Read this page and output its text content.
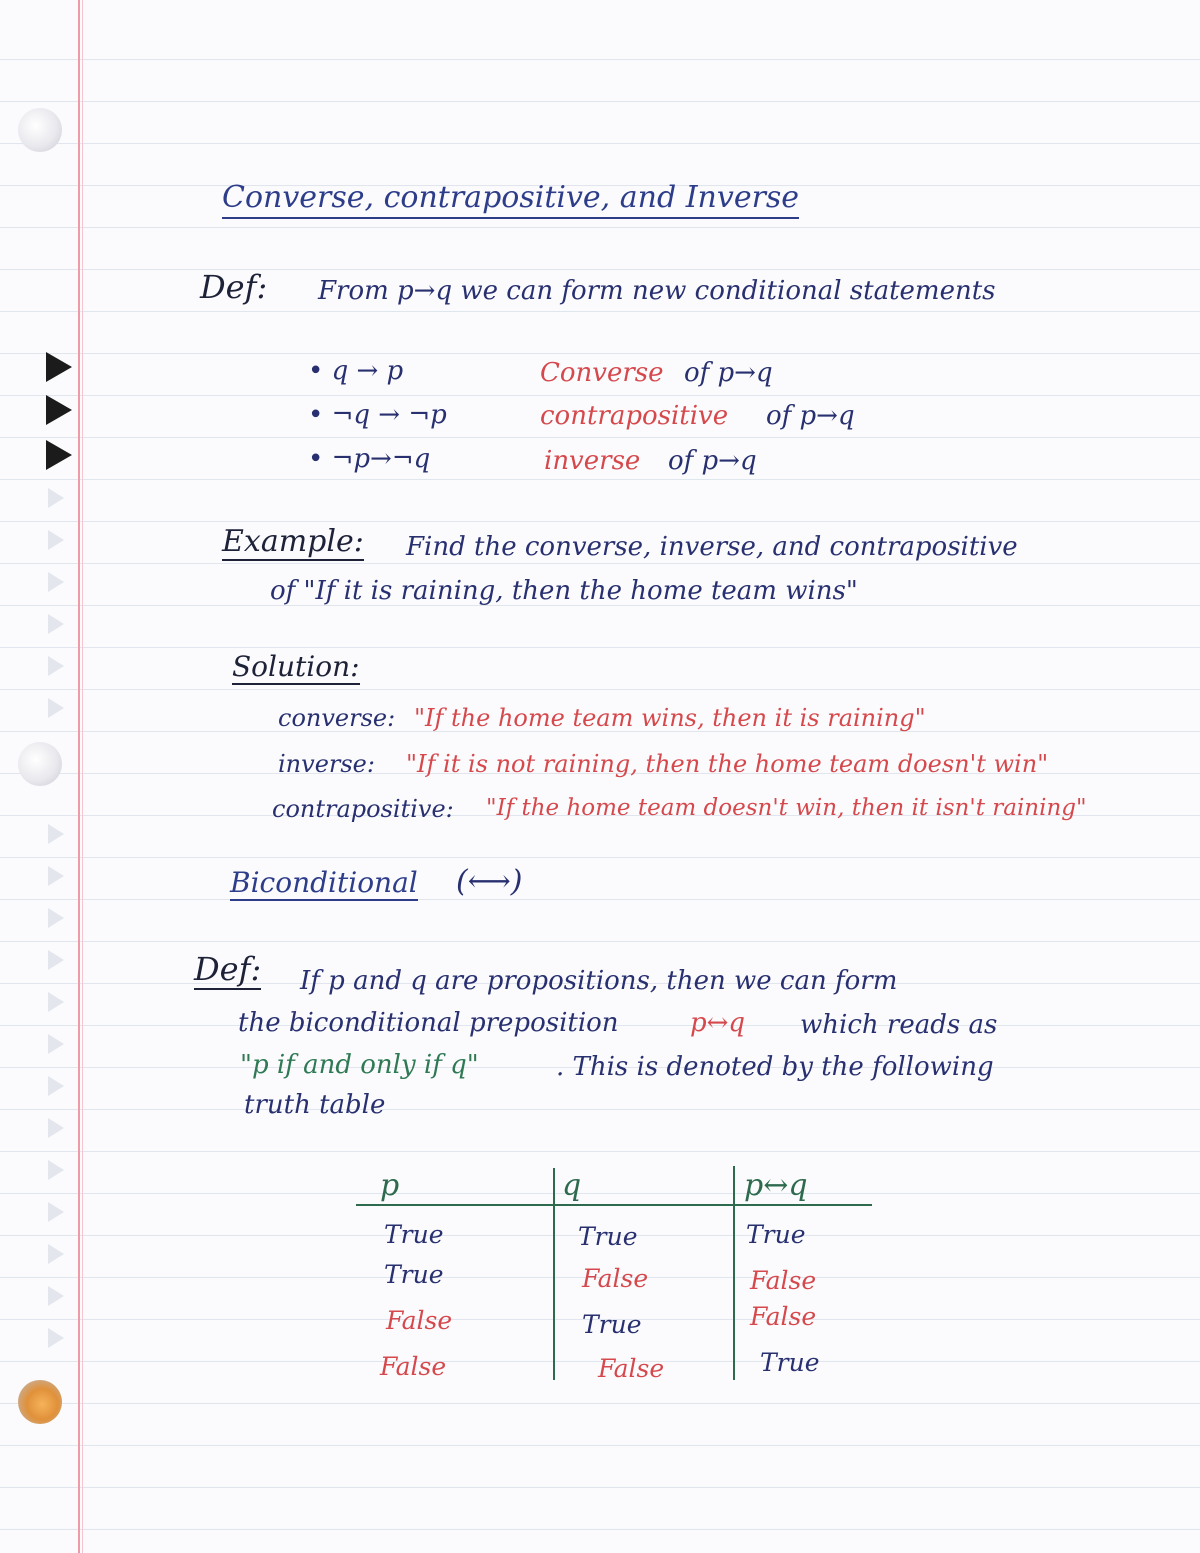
Converse, contrapositive, and Inverse
Def: From p→q we can form new conditional statements
• q → p	Converse of p→q
• ¬q → ¬p	contrapositive of p→q
• ¬p→¬q	inverse of p→q
Example: Find the converse, inverse, and contrapositive
of "If it is raining, then the home team wins"
Solution:
converse: "If the home team wins, then it is raining"
inverse: "If it is not raining, then the home team doesn't win"
contrapositive: "If the home team doesn't win, then it isn't raining"
Biconditional (⟷)
Def: If p and q are propositions, then we can form
the biconditional preposition	p↔q which reads as
"p if and only if q"	. This is denoted by the following
truth table
p	q	p↔q
True	True	True
True	False	False
False	True	False
False	False	True
